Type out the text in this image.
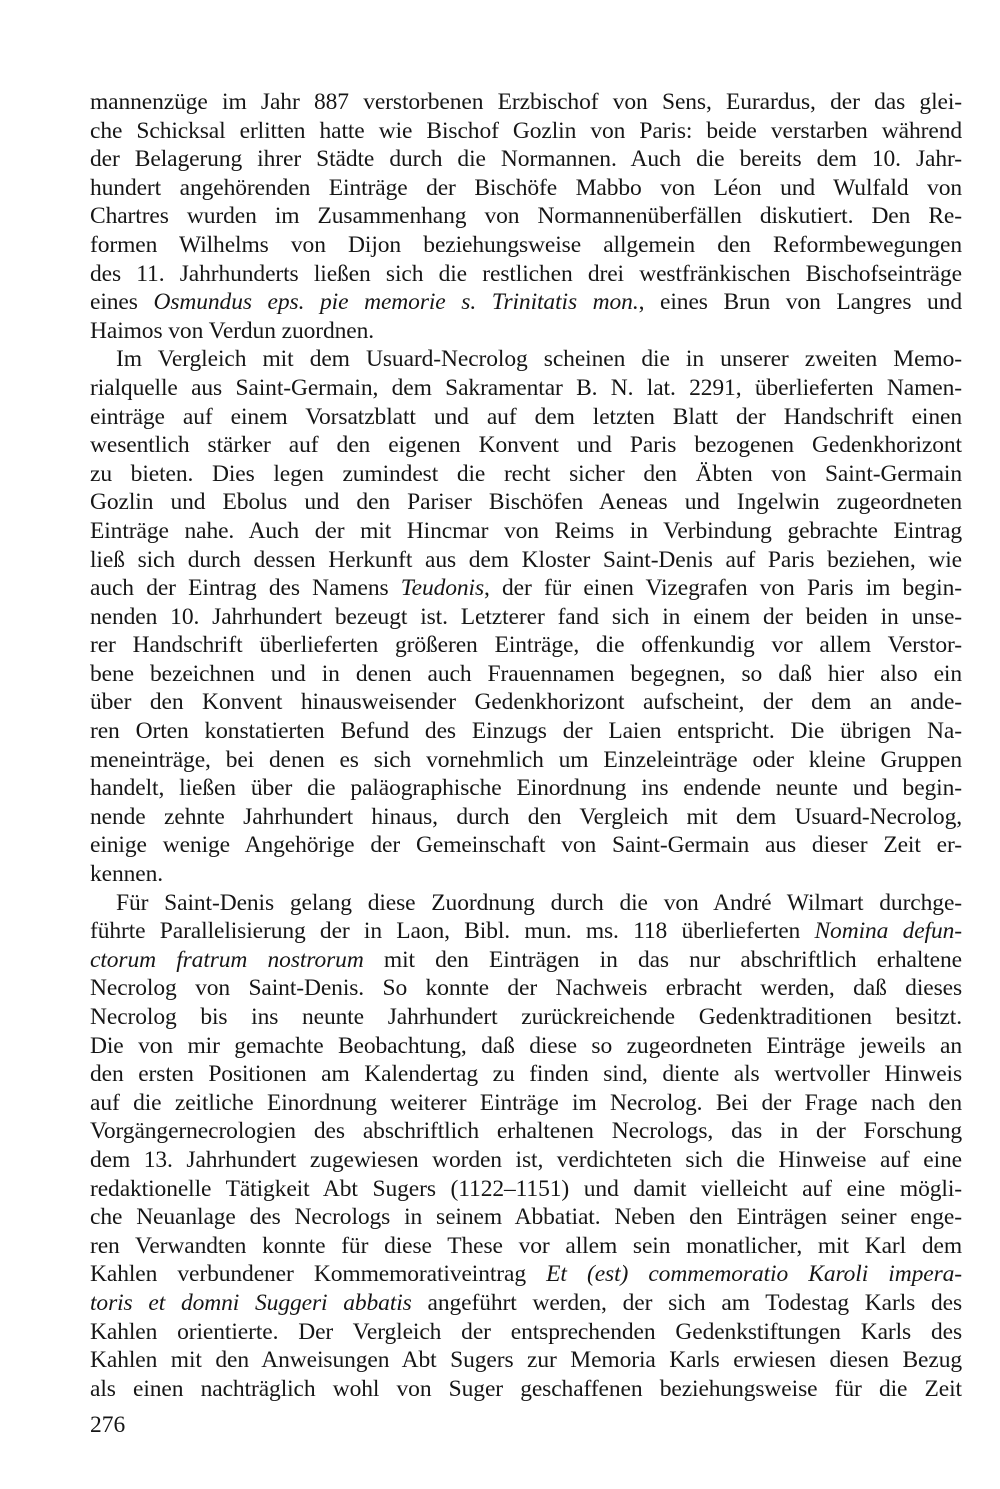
mannenzüge im Jahr 887 verstorbenen Erzbischof von Sens, Eurardus, der das glei-
che Schicksal erlitten hatte wie Bischof Gozlin von Paris: beide verstarben während
der Belagerung ihrer Städte durch die Normannen. Auch die bereits dem 10. Jahr-
hundert angehörenden Einträge der Bischöfe Mabbo von Léon und Wulfald von
Chartres wurden im Zusammenhang von Normannenüberfällen diskutiert. Den Re-
formen Wilhelms von Dijon beziehungsweise allgemein den Reformbewegungen
des 11. Jahrhunderts ließen sich die restlichen drei westfränkischen Bischofseinträge
eines Osmundus eps. pie memorie s. Trinitatis mon., eines Brun von Langres und
Haimos von Verdun zuordnen.
Im Vergleich mit dem Usuard-Necrolog scheinen die in unserer zweiten Memo-
rialquelle aus Saint-Germain, dem Sakramentar B. N. lat. 2291, überlieferten Namen-
einträge auf einem Vorsatzblatt und auf dem letzten Blatt der Handschrift einen
wesentlich stärker auf den eigenen Konvent und Paris bezogenen Gedenkhorizont
zu bieten. Dies legen zumindest die recht sicher den Äbten von Saint-Germain
Gozlin und Ebolus und den Pariser Bischöfen Aeneas und Ingelwin zugeordneten
Einträge nahe. Auch der mit Hincmar von Reims in Verbindung gebrachte Eintrag
ließ sich durch dessen Herkunft aus dem Kloster Saint-Denis auf Paris beziehen, wie
auch der Eintrag des Namens Teudonis, der für einen Vizegrafen von Paris im begin-
nenden 10. Jahrhundert bezeugt ist. Letzterer fand sich in einem der beiden in unse-
rer Handschrift überlieferten größeren Einträge, die offenkundig vor allem Verstor-
bene bezeichnen und in denen auch Frauennamen begegnen, so daß hier also ein
über den Konvent hinausweisender Gedenkhorizont aufscheint, der dem an ande-
ren Orten konstatierten Befund des Einzugs der Laien entspricht. Die übrigen Na-
meneinträge, bei denen es sich vornehmlich um Einzeleinträge oder kleine Gruppen
handelt, ließen über die paläographische Einordnung ins endende neunte und begin-
nende zehnte Jahrhundert hinaus, durch den Vergleich mit dem Usuard-Necrolog,
einige wenige Angehörige der Gemeinschaft von Saint-Germain aus dieser Zeit er-
kennen.
Für Saint-Denis gelang diese Zuordnung durch die von André Wilmart durchge-
führte Parallelisierung der in Laon, Bibl. mun. ms. 118 überlieferten Nomina defun-
ctorum fratrum nostrorum mit den Einträgen in das nur abschriftlich erhaltene
Necrolog von Saint-Denis. So konnte der Nachweis erbracht werden, daß dieses
Necrolog bis ins neunte Jahrhundert zurückreichende Gedenktraditionen besitzt.
Die von mir gemachte Beobachtung, daß diese so zugeordneten Einträge jeweils an
den ersten Positionen am Kalendertag zu finden sind, diente als wertvoller Hinweis
auf die zeitliche Einordnung weiterer Einträge im Necrolog. Bei der Frage nach den
Vorgängernecrologien des abschriftlich erhaltenen Necrologs, das in der Forschung
dem 13. Jahrhundert zugewiesen worden ist, verdichteten sich die Hinweise auf eine
redaktionelle Tätigkeit Abt Sugers (1122–1151) und damit vielleicht auf eine mögli-
che Neuanlage des Necrologs in seinem Abbatiat. Neben den Einträgen seiner enge-
ren Verwandten konnte für diese These vor allem sein monatlicher, mit Karl dem
Kahlen verbundener Kommemorativeintrag Et (est) commemoratio Karoli impera-
toris et domni Suggeri abbatis angeführt werden, der sich am Todestag Karls des
Kahlen orientierte. Der Vergleich der entsprechenden Gedenkstiftungen Karls des
Kahlen mit den Anweisungen Abt Sugers zur Memoria Karls erwiesen diesen Bezug
als einen nachträglich wohl von Suger geschaffenen beziehungsweise für die Zeit
276
